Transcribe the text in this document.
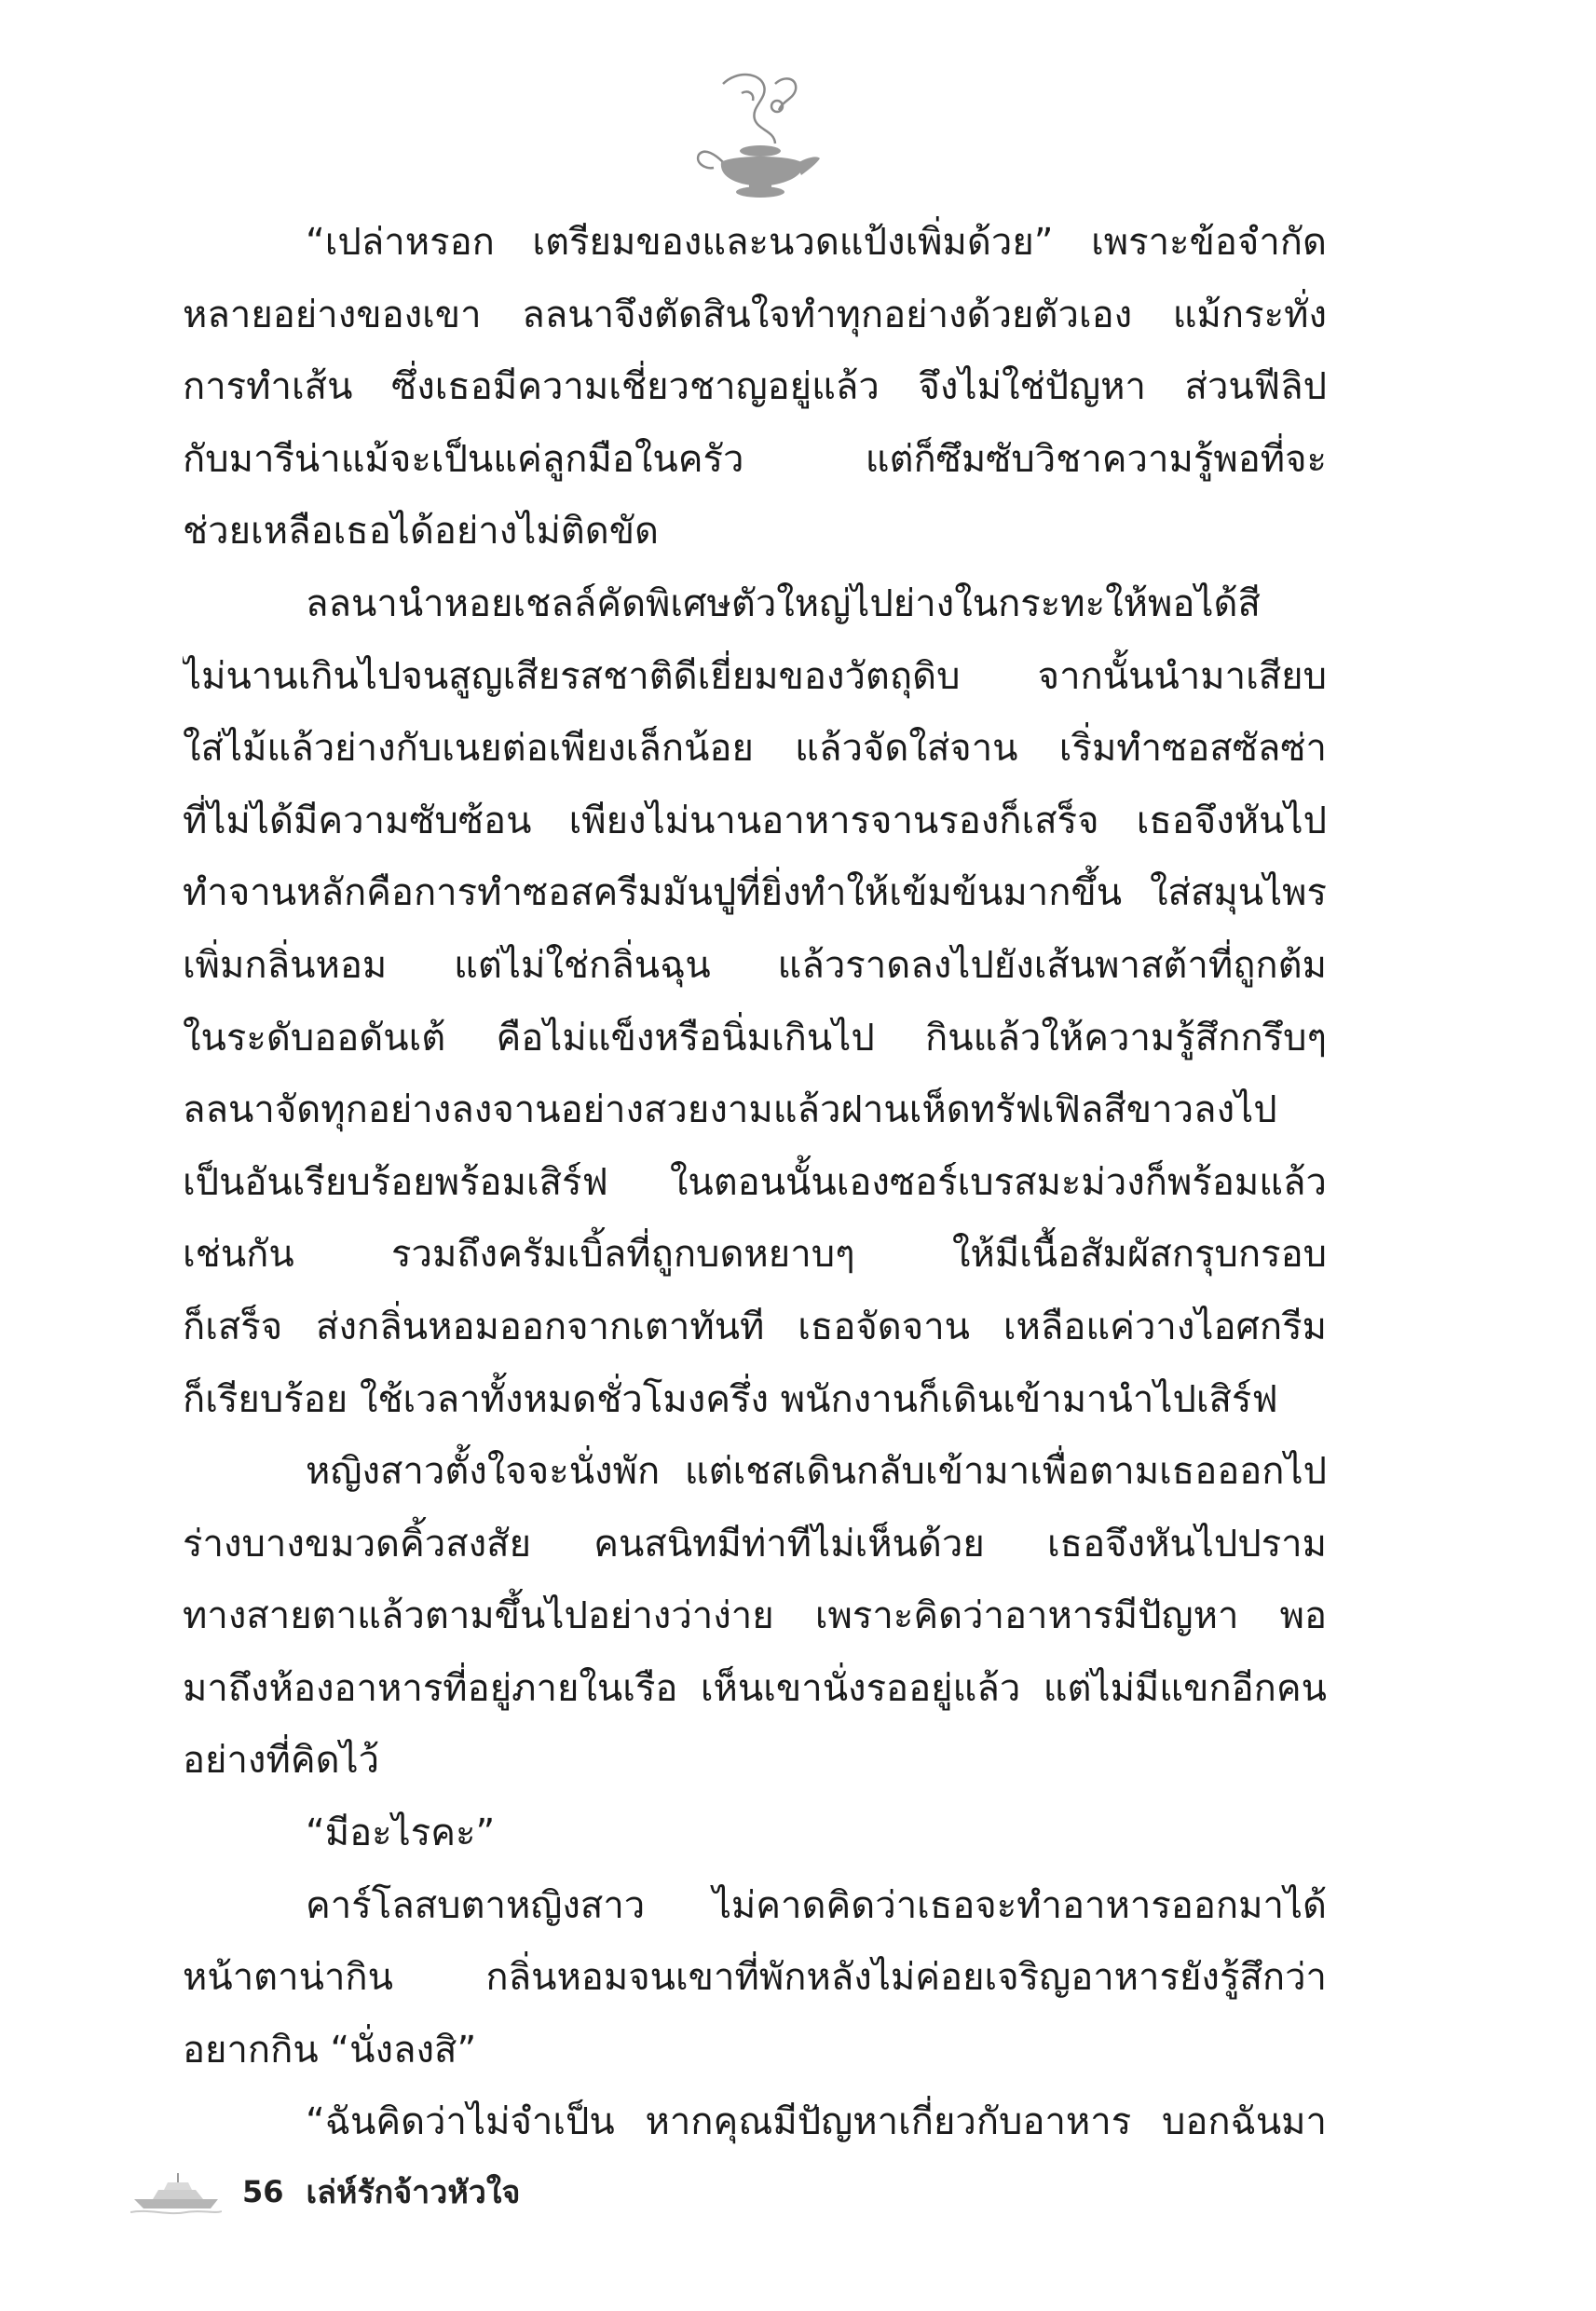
“เปล่าหรอก เตรียมของและนวดแป้งเพิ่มด้วย” เพราะข้อจำกัด
หลายอย่างของเขา ลลนาจึงตัดสินใจทำทุกอย่างด้วยตัวเอง แม้กระทั่ง
การทำเส้น ซึ่งเธอมีความเชี่ยวชาญอยู่แล้ว จึงไม่ใช่ปัญหา ส่วนฟีลิป
กับมารีน่าแม้จะเป็นแค่ลูกมือในครัว แต่ก็ซึมซับวิชาความรู้พอที่จะ
ช่วยเหลือเธอได้อย่างไม่ติดขัด
ลลนานำหอยเชลล์คัดพิเศษตัวใหญ่ไปย่างในกระทะให้พอได้สี
ไม่นานเกินไปจนสูญเสียรสชาติดีเยี่ยมของวัตถุดิบ จากนั้นนำมาเสียบ
ใส่ไม้แล้วย่างกับเนยต่อเพียงเล็กน้อย แล้วจัดใส่จาน เริ่มทำซอสซัลซ่า
ที่ไม่ได้มีความซับซ้อน เพียงไม่นานอาหารจานรองก็เสร็จ เธอจึงหันไป
ทำจานหลักคือการทำซอสครีมมันปูที่ยิ่งทำให้เข้มข้นมากขึ้น ใส่สมุนไพร
เพิ่มกลิ่นหอม แต่ไม่ใช่กลิ่นฉุน แล้วราดลงไปยังเส้นพาสต้าที่ถูกต้ม
ในระดับออดันเต้ คือไม่แข็งหรือนิ่มเกินไป กินแล้วให้ความรู้สึกกรึบๆ
ลลนาจัดทุกอย่างลงจานอย่างสวยงามแล้วฝานเห็ดทรัฟเฟิลสีขาวลงไป
เป็นอันเรียบร้อยพร้อมเสิร์ฟ ในตอนนั้นเองซอร์เบรสมะม่วงก็พร้อมแล้ว
เช่นกัน รวมถึงครัมเบิ้ลที่ถูกบดหยาบๆ ให้มีเนื้อสัมผัสกรุบกรอบ
ก็เสร็จ ส่งกลิ่นหอมออกจากเตาทันที เธอจัดจาน เหลือแค่วางไอศกรีม
ก็เรียบร้อย ใช้เวลาทั้งหมดชั่วโมงครึ่ง พนักงานก็เดินเข้ามานำไปเสิร์ฟ
หญิงสาวตั้งใจจะนั่งพัก แต่เชสเดินกลับเข้ามาเพื่อตามเธอออกไป
ร่างบางขมวดคิ้วสงสัย คนสนิทมีท่าทีไม่เห็นด้วย เธอจึงหันไปปราม
ทางสายตาแล้วตามขึ้นไปอย่างว่าง่าย เพราะคิดว่าอาหารมีปัญหา พอ
มาถึงห้องอาหารที่อยู่ภายในเรือ เห็นเขานั่งรออยู่แล้ว แต่ไม่มีแขกอีกคน
อย่างที่คิดไว้
“มีอะไรคะ”
คาร์โลสบตาหญิงสาว ไม่คาดคิดว่าเธอจะทำอาหารออกมาได้
หน้าตาน่ากิน กลิ่นหอมจนเขาที่พักหลังไม่ค่อยเจริญอาหารยังรู้สึกว่า
อยากกิน “นั่งลงสิ”
“ฉันคิดว่าไม่จำเป็น หากคุณมีปัญหาเกี่ยวกับอาหาร บอกฉันมา
56 เล่ห์รักจ้าวหัวใจ
